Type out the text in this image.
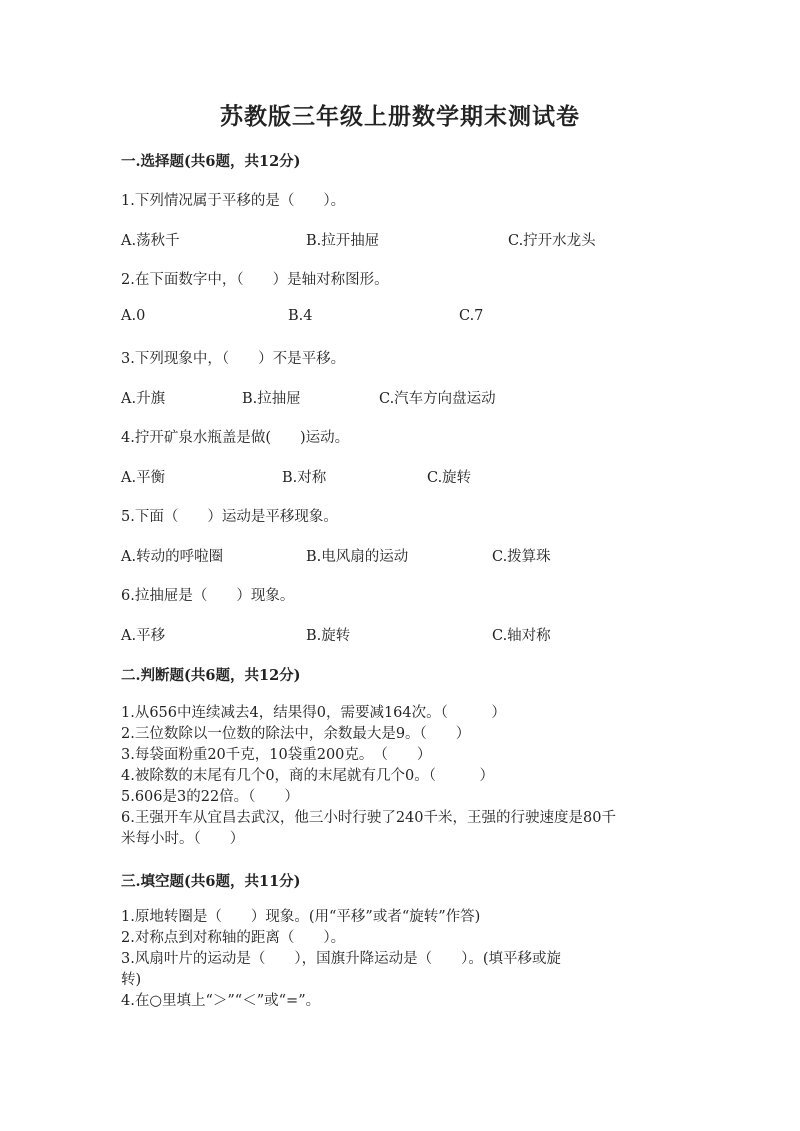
苏教版三年级上册数学期末测试卷
一.选择题(共6题，共12分)
1.下列情况属于平移的是（　　）。
A.荡秋千	B.拉开抽屉	C.拧开水龙头
2.在下面数字中，（　　）是轴对称图形。
A.0	B.4	C.7
3.下列现象中，（　　）不是平移。
A.升旗	B.拉抽屉	C.汽车方向盘运动
4.拧开矿泉水瓶盖是做(　　)运动。
A.平衡	B.对称	C.旋转
5.下面（　　）运动是平移现象。
A.转动的呼啦圈	B.电风扇的运动	C.拨算珠
6.拉抽屉是（　　）现象。
A.平移	B.旋转	C.轴对称
二.判断题(共6题，共12分)
1.从656中连续减去4，结果得0，需要减164次。（　　　）
2.三位数除以一位数的除法中，余数最大是9。（　　）
3.每袋面粉重20千克，10袋重200克。　（　　）
4.被除数的末尾有几个0，商的末尾就有几个0。（　　　）
5.606是3的22倍。（　　）
6.王强开车从宜昌去武汉，他三小时行驶了240千米，王强的行驶速度是80千
米每小时。（　　）
三.填空题(共6题，共11分)
1.原地转圈是（　　）现象。(用“平移”或者“旋转”作答)
2.对称点到对称轴的距离（　　）。
3.风扇叶片的运动是（　　），国旗升降运动是（　　）。(填平移或旋
转)
4.在○里填上“＞”“＜”或“=”。
